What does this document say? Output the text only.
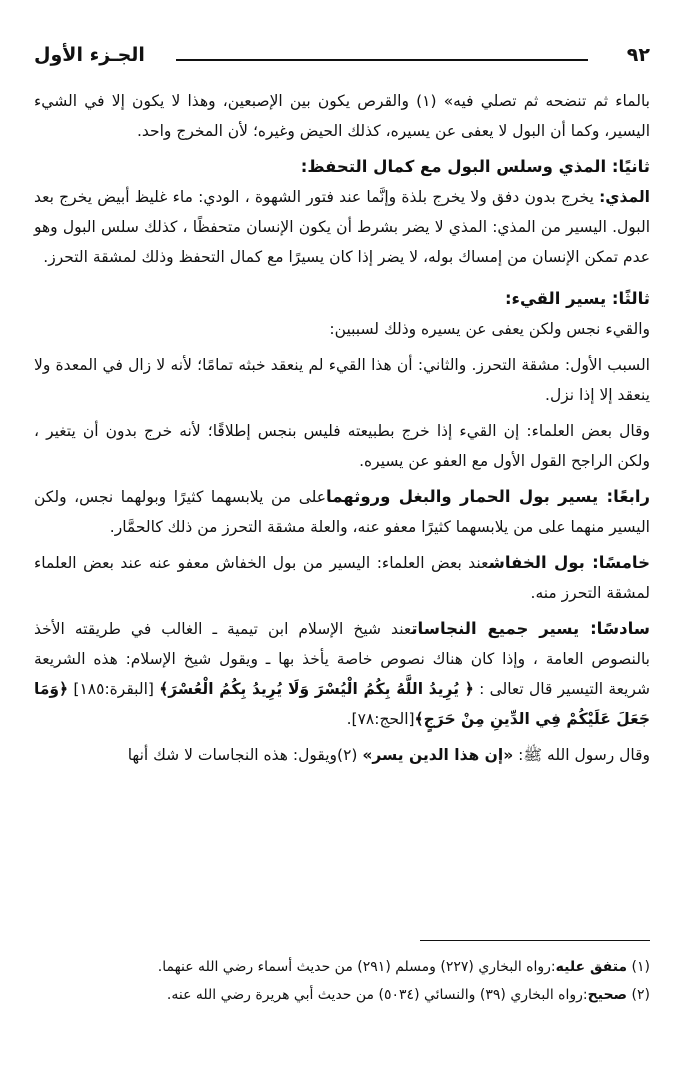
٩٢
الجـزء الأول

بالماء ثم تنضحه ثم تصلي فيه» (١) والقرص يكون بين الإصبعين، وهذا لا يكون إلا في الشيء اليسير، وكما أن البول لا يعفى عن يسيره، كذلك الحيض وغيره؛ لأن المخرج واحد.

ثانيًا: المذي وسلس البول مع كمال التحفظ:

المذي: يخرج بدون دفق ولا يخرج بلذة وإنَّما عند فتور الشهوة ، الودي: ماء غليظ أبيض يخرج بعد البول. اليسير من المذي: المذي لا يضر بشرط أن يكون الإنسان متحفظًا ، كذلك سلس البول وهو عدم تمكن الإنسان من إمساك بوله، لا يضر إذا كان يسيرًا مع كمال التحفظ وذلك لمشقة التحرز.

ثالثًا: يسير القيء:

والقيء نجس ولكن يعفى عن يسيره وذلك لسببين:

السبب الأول: مشقة التحرز. والثاني: أن هذا القيء لم ينعقد خبثه تمامًا؛ لأنه لا زال في المعدة ولا ينعقد إلا إذا نزل.

وقال بعض العلماء: إن القيء إذا خرج بطبيعته فليس بنجس إطلاقًا؛ لأنه خرج بدون أن يتغير ، ولكن الراجح القول الأول مع العفو عن يسيره.

رابعًا: يسير بول الحمار والبغل وروثهماعلى من يلابسهما كثيرًا وبولهما نجس، ولكن اليسير منهما على من يلابسهما كثيرًا معفو عنه، والعلة مشقة التحرز من ذلك كالحمَّار.

خامسًا: بول الخفاشعند بعض العلماء: اليسير من بول الخفاش معفو عنه عند بعض العلماء لمشقة التحرز منه.

سادسًا: يسير جميع النجاساتعند شيخ الإسلام ابن تيمية ـ الغالب في طريقته الأخذ بالنصوص العامة ، وإذا كان هناك نصوص خاصة يأخذ بها ـ ويقول شيخ الإسلام: هذه الشريعة شريعة التيسير قال تعالى : ﴿ يُرِيدُ اللَّهُ بِكُمُ الْيُسْرَ وَلَا يُرِيدُ بِكُمُ الْعُسْرَ﴾ [البقرة:١٨٥] ﴿وَمَا جَعَلَ عَلَيْكُمْ فِي الدِّينِ مِنْ حَرَجٍ﴾[الحج:٧٨].

وقال رسول الله ﷺ: «إن هذا الدين يسر» (٢)ويقول: هذه النجاسات لا شك أنها

(١) متفق عليه:رواه البخاري (٢٢٧) ومسلم (٢٩١) من حديث أسماء رضي الله عنهما.

(٢) صحيح:رواه البخاري (٣٩) والنسائي (٥٠٣٤) من حديث أبي هريرة رضي الله عنه.
